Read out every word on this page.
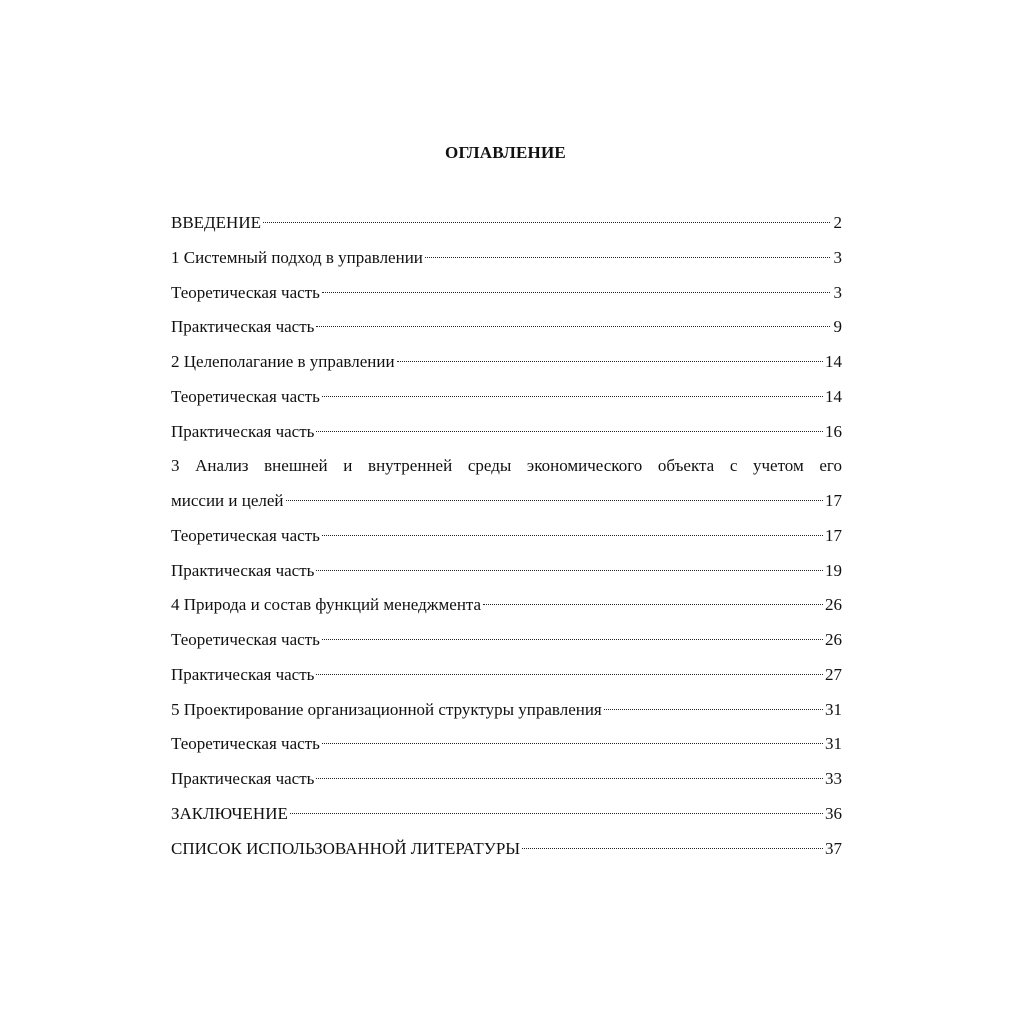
ОГЛАВЛЕНИЕ
ВВЕДЕНИЕ	2
1 Системный подход в управлении	3
Теоретическая часть	3
Практическая часть	9
2 Целеполагание в управлении	14
Теоретическая часть	14
Практическая часть	16
3 Анализ внешней и внутренней среды экономического объекта с учетом его
миссии и целей	17
Теоретическая часть	17
Практическая часть	19
4 Природа и состав функций менеджмента	26
Теоретическая часть	26
Практическая часть	27
5 Проектирование организационной структуры управления	31
Теоретическая часть	31
Практическая часть	33
ЗАКЛЮЧЕНИЕ	36
СПИСОК ИСПОЛЬЗОВАННОЙ ЛИТЕРАТУРЫ	37
